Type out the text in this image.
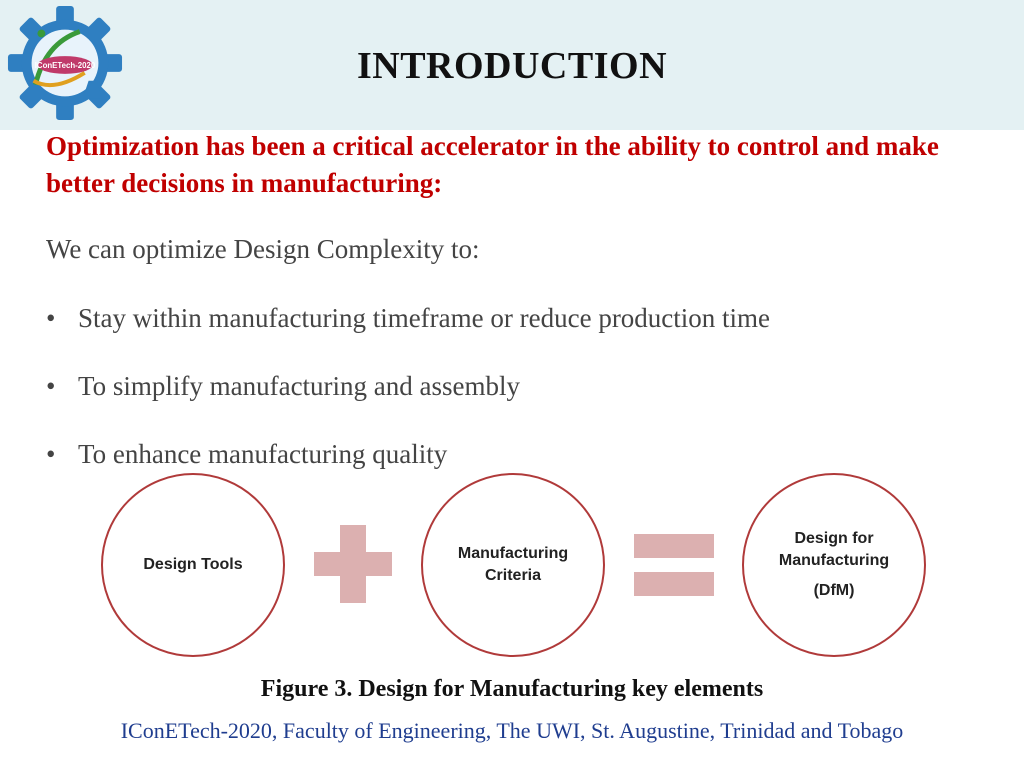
IConETech-2020	INTRODUCTION
Optimization has been a critical accelerator in the ability to control and make better decisions in manufacturing:
We can optimize Design Complexity to:
• Stay within manufacturing timeframe or reduce production time
• To simplify manufacturing and assembly
• To enhance manufacturing quality
Design Tools
Manufacturing Criteria
Design for Manufacturing
(DfM)
Figure 3. Design for Manufacturing key elements
IConETech-2020, Faculty of Engineering, The UWI, St. Augustine, Trinidad and Tobago
